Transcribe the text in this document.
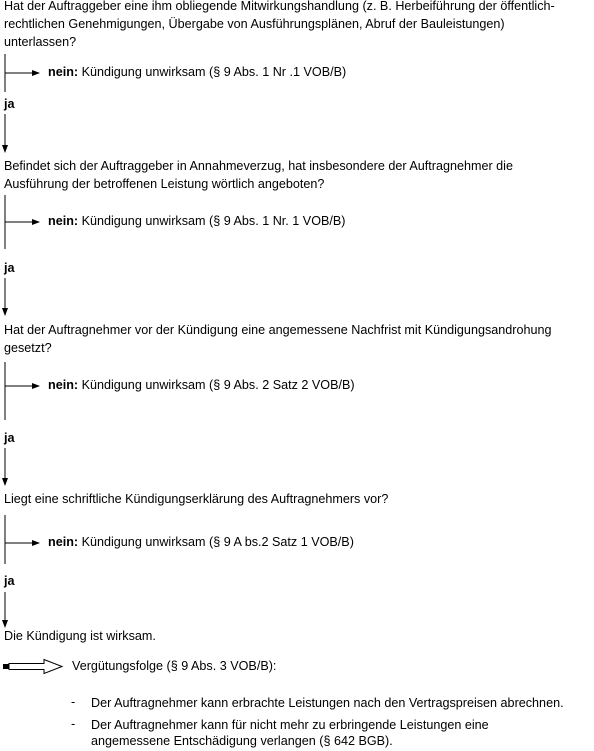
Hat der Auftraggeber eine ihm obliegende Mitwirkungshandlung (z. B. Herbeiführung der öffentlich-
rechtlichen Genehmigungen, Übergabe von Ausführungsplänen, Abruf der Bauleistungen)
unterlassen?
nein: Kündigung unwirksam (§ 9 Abs. 1 Nr .1 VOB/B)
ja
Befindet sich der Auftraggeber in Annahmeverzug, hat insbesondere der Auftragnehmer die
Ausführung der betroffenen Leistung wörtlich angeboten?
nein: Kündigung unwirksam (§ 9 Abs. 1 Nr. 1 VOB/B)
ja
Hat der Auftragnehmer vor der Kündigung eine angemessene Nachfrist mit Kündigungsandrohung
gesetzt?
nein: Kündigung unwirksam (§ 9 Abs. 2 Satz 2 VOB/B)
ja
Liegt eine schriftliche Kündigungserklärung des Auftragnehmers vor?
nein: Kündigung unwirksam (§ 9 A bs.2 Satz 1 VOB/B)
ja
Die Kündigung ist wirksam.
Vergütungsfolge (§ 9 Abs. 3 VOB/B):
- Der Auftragnehmer kann erbrachte Leistungen nach den Vertragspreisen abrechnen.
- Der Auftragnehmer kann für nicht mehr zu erbringende Leistungen eine
angemessene Entschädigung verlangen (§ 642 BGB).
